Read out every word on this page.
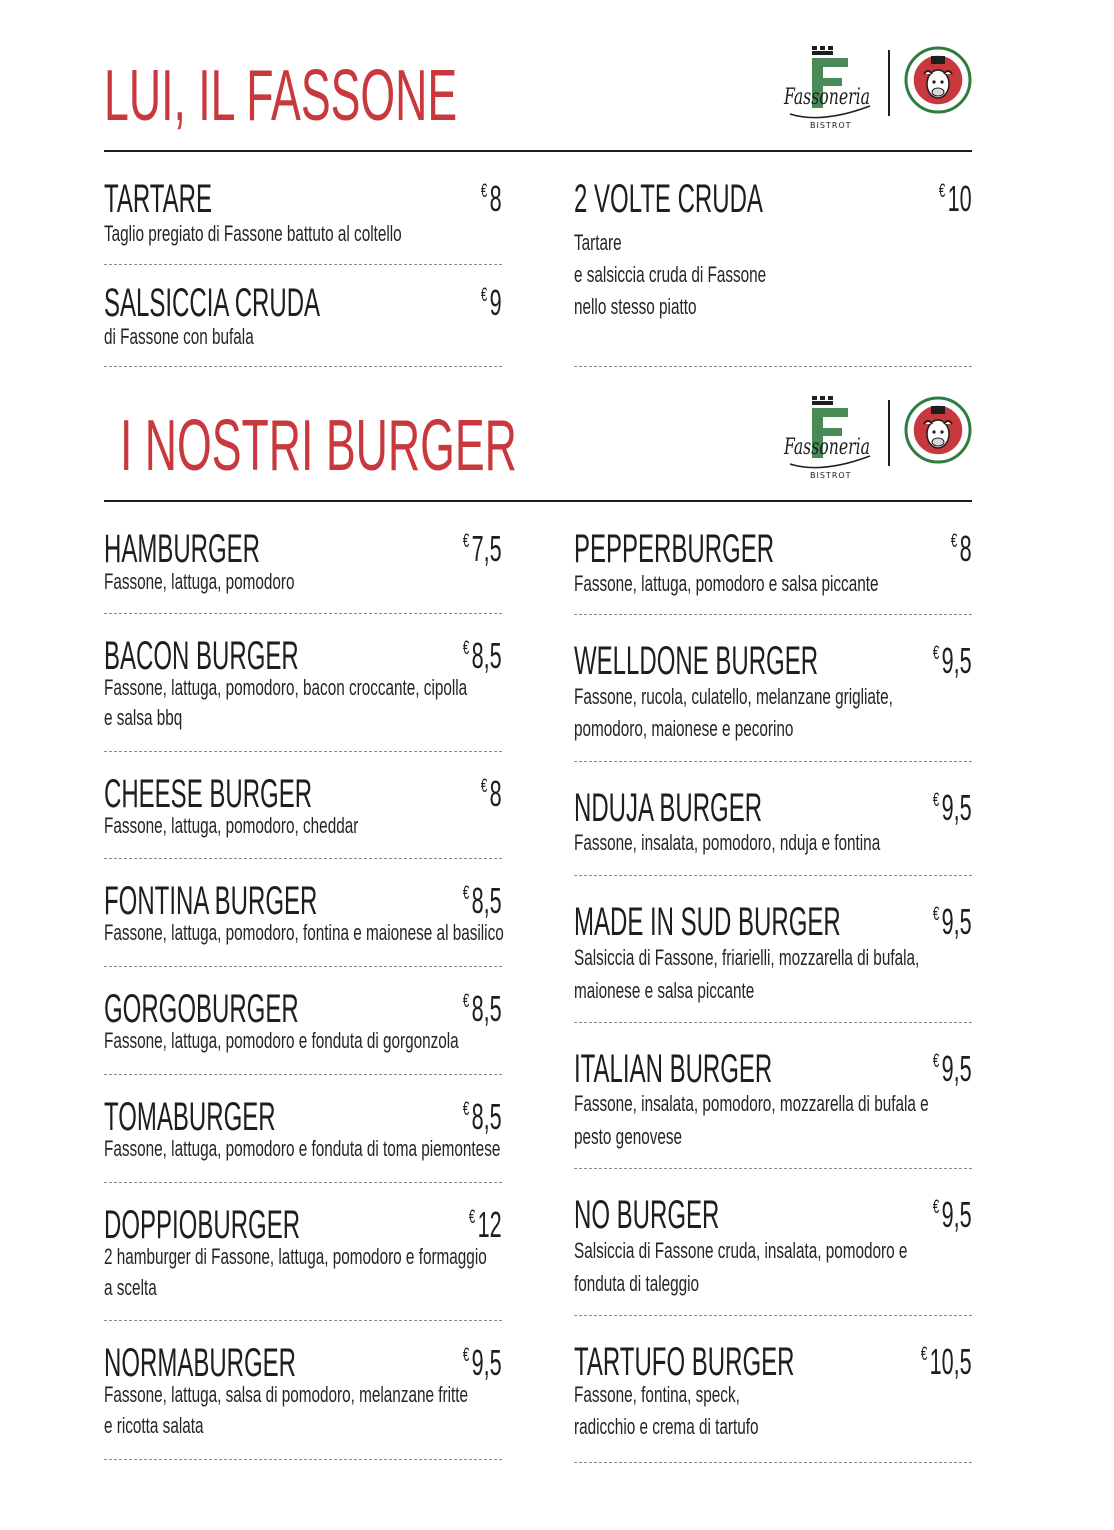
LUI, IL FASSONE	Fassoneria
BISTROT
TARTARE	€8

Taglio pregiato di Fassone battuto al coltello

SALSICCIA CRUDA	€9

di Fassone con bufala

2 VOLTE CRUDA	€10

Tartare

e salsiccia cruda di Fassone

nello stesso piatto

I NOSTRI BURGER	Fassoneria
BISTROT
HAMBURGER	€7,5

Fassone, lattuga, pomodoro

BACON BURGER	€8,5

Fassone, lattuga, pomodoro, bacon croccante, cipolla

e salsa bbq

CHEESE BURGER	€8

Fassone, lattuga, pomodoro, cheddar

FONTINA BURGER	€8,5

Fassone, lattuga, pomodoro, fontina e maionese al basilico

GORGOBURGER	€8,5

Fassone, lattuga, pomodoro e fonduta di gorgonzola

TOMABURGER	€8,5

Fassone, lattuga, pomodoro e fonduta di toma piemontese

DOPPIOBURGER	€12

2 hamburger di Fassone, lattuga, pomodoro e formaggio

a scelta

NORMABURGER	€9,5

Fassone, lattuga, salsa di pomodoro, melanzane fritte

e ricotta salata

PEPPERBURGER	€8

Fassone, lattuga, pomodoro e salsa piccante

WELLDONE BURGER	€9,5

Fassone, rucola, culatello, melanzane grigliate,

pomodoro, maionese e pecorino

NDUJA BURGER	€9,5

Fassone, insalata, pomodoro, nduja e fontina

MADE IN SUD BURGER	€9,5

Salsiccia di Fassone, friarielli, mozzarella di bufala,

maionese e salsa piccante

ITALIAN BURGER	€9,5

Fassone, insalata, pomodoro, mozzarella di bufala e

pesto genovese

NO BURGER	€9,5

Salsiccia di Fassone cruda, insalata, pomodoro e

fonduta di taleggio

TARTUFO BURGER	€10,5

Fassone, fontina, speck,

radicchio e crema di tartufo
